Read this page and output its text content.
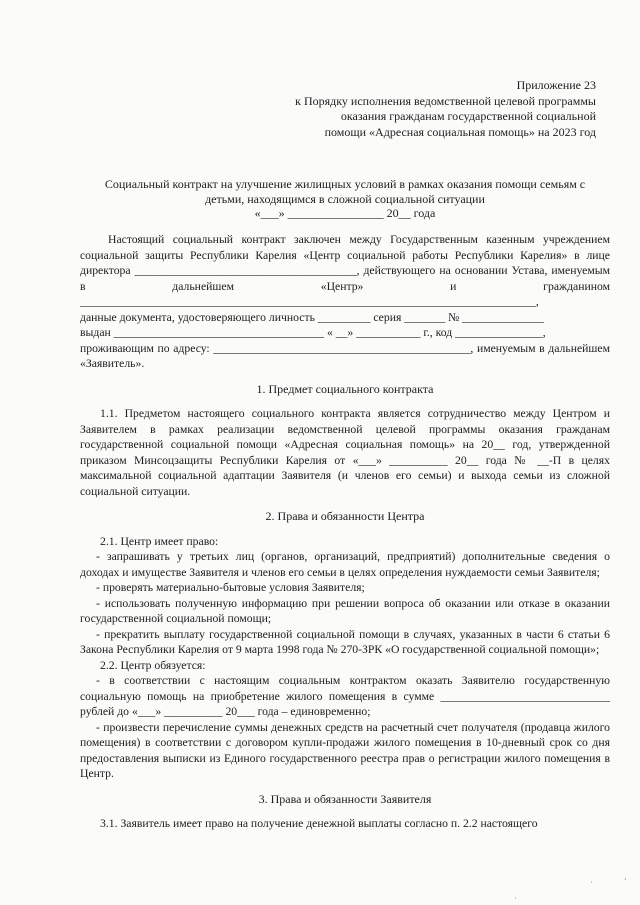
Приложение 23
к Порядку исполнения ведомственной целевой программы
оказания гражданам государственной социальной
помощи «Адресная социальная помощь» на 2023 год
Социальный контракт на улучшение жилищных условий в рамках оказания помощи семьям с
детьми, находящимся в сложной социальной ситуации
«___» ________________ 20__ года

Настоящий социальный контракт заключен между Государственным казенным учреждением социальной защиты Республики Карелия «Центр социальной работы Республики Карелия» в лице директора ______________________________________, действующего на основании Устава, именуемым в дальнейшем «Центр» и гражданином ______________________________________________________________________________,

данные документа, удостоверяющего личность _________ серия _______ № ______________

выдан ____________________________________ « __» ___________ г., код _______________,

проживающим по адресу: ____________________________________________, именуемым в дальнейшем «Заявитель».

1. Предмет социального контракта

1.1. Предметом настоящего социального контракта является сотрудничество между Центром и Заявителем в рамках реализации ведомственной целевой программы оказания гражданам государственной социальной помощи «Адресная социальная помощь» на 20__ год, утвержденной приказом Минсоцзащиты Республики Карелия от «___» __________ 20__ года № __-П в целях максимальной социальной адаптации Заявителя (и членов его семьи) и выхода семьи из сложной социальной ситуации.

2. Права и обязанности Центра

2.1. Центр имеет право:

- запрашивать у третьих лиц (органов, организаций, предприятий) дополнительные сведения о доходах и имуществе Заявителя и членов его семьи в целях определения нуждаемости семьи Заявителя;

- проверять материально-бытовые условия Заявителя;

- использовать полученную информацию при решении вопроса об оказании или отказе в оказании государственной социальной помощи;

- прекратить выплату государственной социальной помощи в случаях, указанных в части 6 статьи 6 Закона Республики Карелия от 9 марта 1998 года № 270-ЗРК «О государственной социальной помощи»;

2.2. Центр обязуется:

- в соответствии с настоящим социальным контрактом оказать Заявителю государственную социальную помощь на приобретение жилого помещения в сумме _____________________________ рублей до «___» __________ 20___ года – единовременно;

- произвести перечисление суммы денежных средств на расчетный счет получателя (продавца жилого помещения) в соответствии с договором купли-продажи жилого помещения в 10-дневный срок со дня предоставления выписки из Единого государственного реестра прав о регистрации жилого помещения в Центр.

3. Права и обязанности Заявителя

3.1. Заявитель имеет право на получение денежной выплаты согласно п. 2.2 настоящего

·
·
‚
